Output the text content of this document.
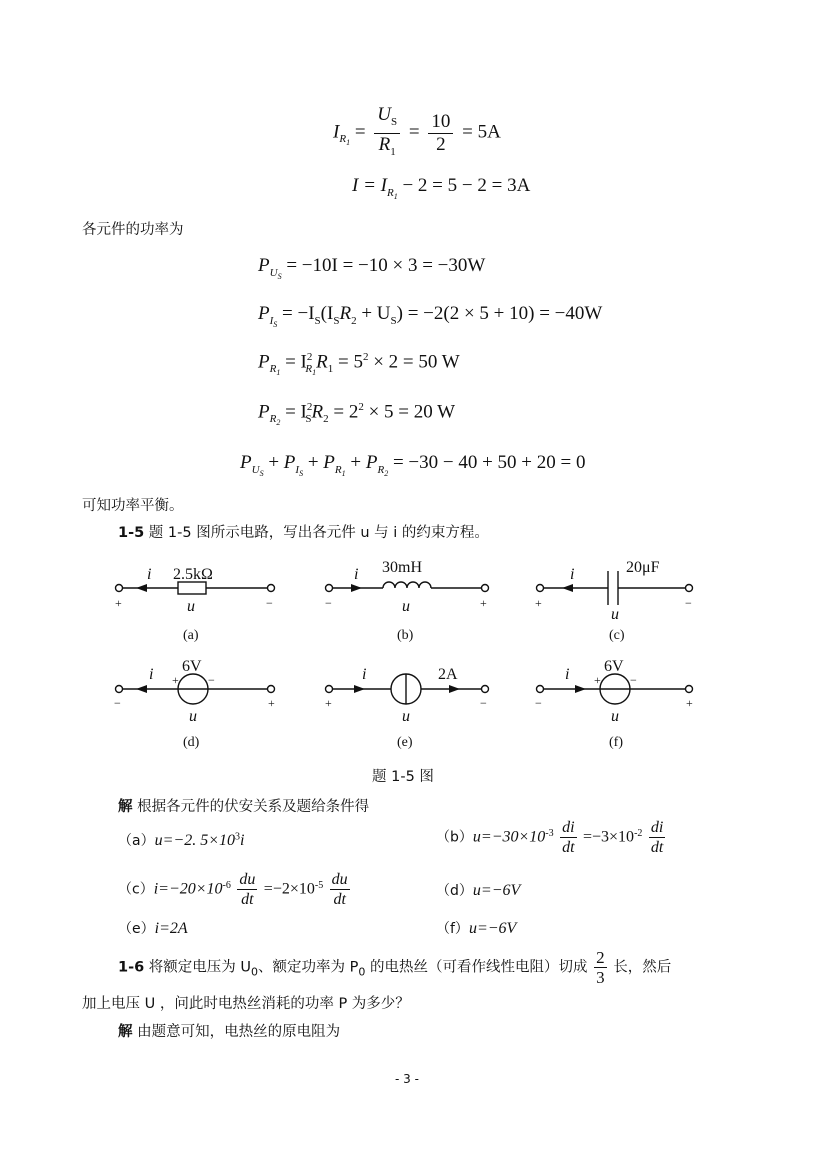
$I_{R_1} = \frac{U_S}{R_1} = \frac{10}{2} = 5A$
$I = I_{R_1} - 2 = 5 - 2 = 3A$
各元件的功率为
$P_{U_S} = -10I = -10 \times 3 = -30W$
$P_{I_S} = -I_S(I_SR_2 + U_S) = -2(2 \times 5 + 10) = -40W$
$P_{R_1} = I^2_{R_1}R_1 = 5^2 \times 2 = 50$ W
$P_{R_2} = I^2_SR_2 = 2^2 \times 5 = 20$ W
$P_{U_S} + P_{I_S} + P_{R_1} + P_{R_2} = -30 - 40 + 50 + 20 = 0$
可知功率平衡。
1-5 题 1-5 图所示电路，写出各元件 u 与 i 的约束方程。
i 2.5kΩ
u
+	−
(a)
i 30mH
u
−	+
(b)
i	20μF
u
+	−
(c)
i 6V
+ −
u
−	+
(d)
i	2A
u
+	−
(e)
i 6V
+ −
u
−	+
(f)
题 1-5 图
解 根据各元件的伏安关系及题给条件得
（a）u=−2. $5\times 10^3i$	$(b)u=-30\times 10^{-3} \frac{di}{dt} =-3\times 10^{-2} \frac{di}{dt}$
$(c)i=-20\times 10^{-6} \frac{du}{dt} =-2\times 10^{-5} \frac{du}{dt}$	（d）u=−6V
（e）i=2A	（f）u=−6V
1-6 将额定电压为 $U_0$、额定功率为 $P_0$ 的电热丝（可看作线性电阻）切成 $\frac{2}{3}$ 长，然后
加上电压 U ，问此时电热丝消耗的功率 P 为多少？
解 由题意可知，电热丝的原电阻为
- 3 -
